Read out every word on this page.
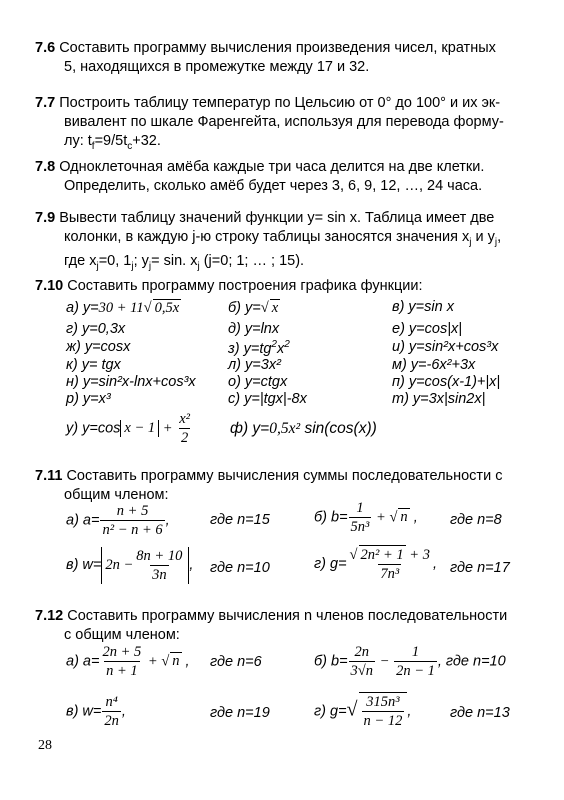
7.6 Составить программу вычисления произведения чисел, кратных
5, находящихся в промежутке между 17 и 32.
7.7 Построить таблицу температур по Цельсию от 0° до 100° и их эк-
вивалент по шкале Фаренгейта, используя для перевода форму-
лу: $t_f=9/5t_c+32$.
7.8 Одноклеточная амёба каждые три часа делится на две клетки.
Определить, сколько амёб будет через 3, 6, 9, 12, …, 24 часа.
7.9 Вывести таблицу значений функции y= sin x. Таблица имеет две
колонки, в каждую j-ю строку таблицы заносятся значения $x_j$ и $y_j$,
где $x_j=0$, $1_j$; $y_j= \sin$. $x_j$ (j=0; 1; … ; 15).
7.10 Составить программу построения графика функции:
а) y=30 + 11√ 0,5x	б) y=√ x	в) y=sin x
г) y=0,3x	д) y=lnx	е) y=cos|x|
ж) y=cosx	з) $y=tg^2x^2$	и) y=sin²x+cos³x
к) y= tgx	л) y=3x²	м) y=-6x²+3x
н) y=sin²x-lnx+cos³x о) y=ctgx	п) y=cos(x-1)+|x|
р) y=x³	с) y=|tgx|-8x	т) y=3x|sin2x|
у) y=cos $x - 1 + \frac{\text{x²}}{2} ф$) y=0,5x² sin(cos(x))
7.11 Составить программу вычисления суммы последовательности с
общим членом:
а) $a= \frac{n + 5}{\text{n² − n + 6}}$ ,	где n=15	б) $b= \frac{1}{\text{5n³}}$ + √ n , где n=8
в) $w= 2n - \frac{8n + 10}{3n}$ , где n=10	г) $g= \frac{\text{√ 2n² + 1 + 3}}{\text{7n³}}$ , где n=17
7.12 Составить программу вычисления n членов последовательности
с общим членом:
а) $a= \frac{2n + 5}{n + 1}$ + √ n , где n=6	б) $b= \frac{2n}{3√n} - \frac{1}{2n - 1}$ , где n=10
в) $w= \frac{\text{n⁴}}{2n}$ ,	где n=19	г) $g=√ \frac{\text{315n³}}{n - 12}$ ,	где n=13
28
